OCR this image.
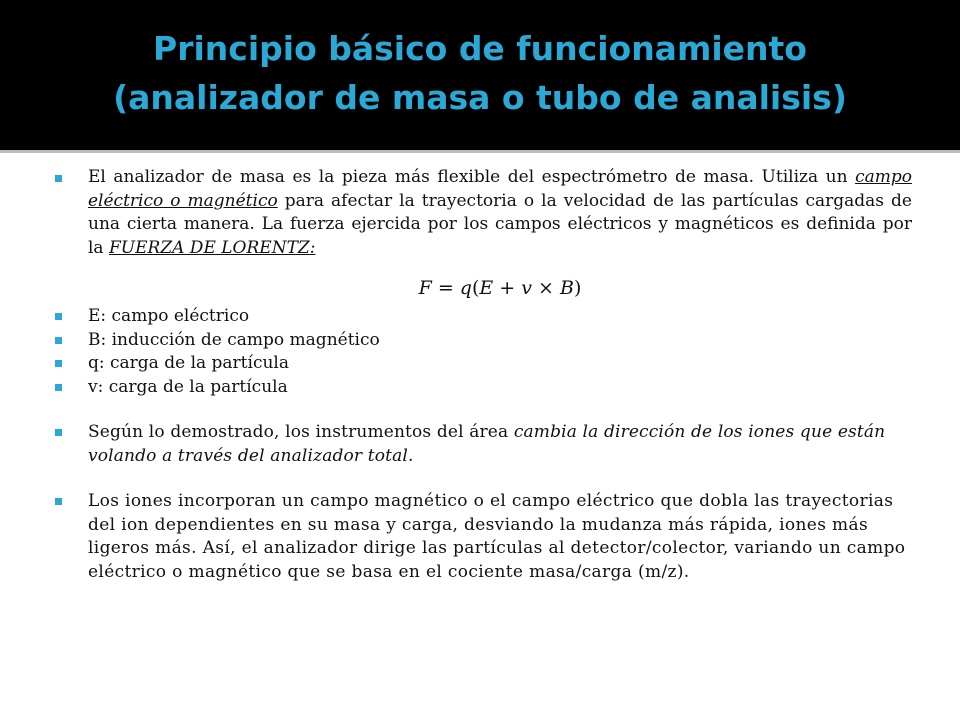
Principio básico de funcionamiento
(analizador de masa o tubo de analisis)
El analizador de masa es la pieza más flexible del espectrómetro de masa. Utiliza un campo eléctrico o magnético para afectar la trayectoria o la velocidad de las partículas cargadas de una cierta manera. La fuerza ejercida por los campos eléctricos y magnéticos es definida por la FUERZA DE LORENTZ:
𝐹 = 𝑞(𝐸 + 𝑣 × 𝐵)
E: campo eléctrico
B: inducción de campo magnético
q: carga de la partícula
v: carga de la partícula
Según lo demostrado, los instrumentos del área cambia la dirección de los iones que están volando a través del analizador total.
Los iones incorporan un campo magnético o el campo eléctrico que dobla las trayectorias del ion dependientes en su masa y carga, desviando la mudanza más rápida, iones más ligeros más. Así, el analizador dirige las partículas al detector/colector, variando un campo eléctrico o magnético que se basa en el cociente masa/carga (m/z).
